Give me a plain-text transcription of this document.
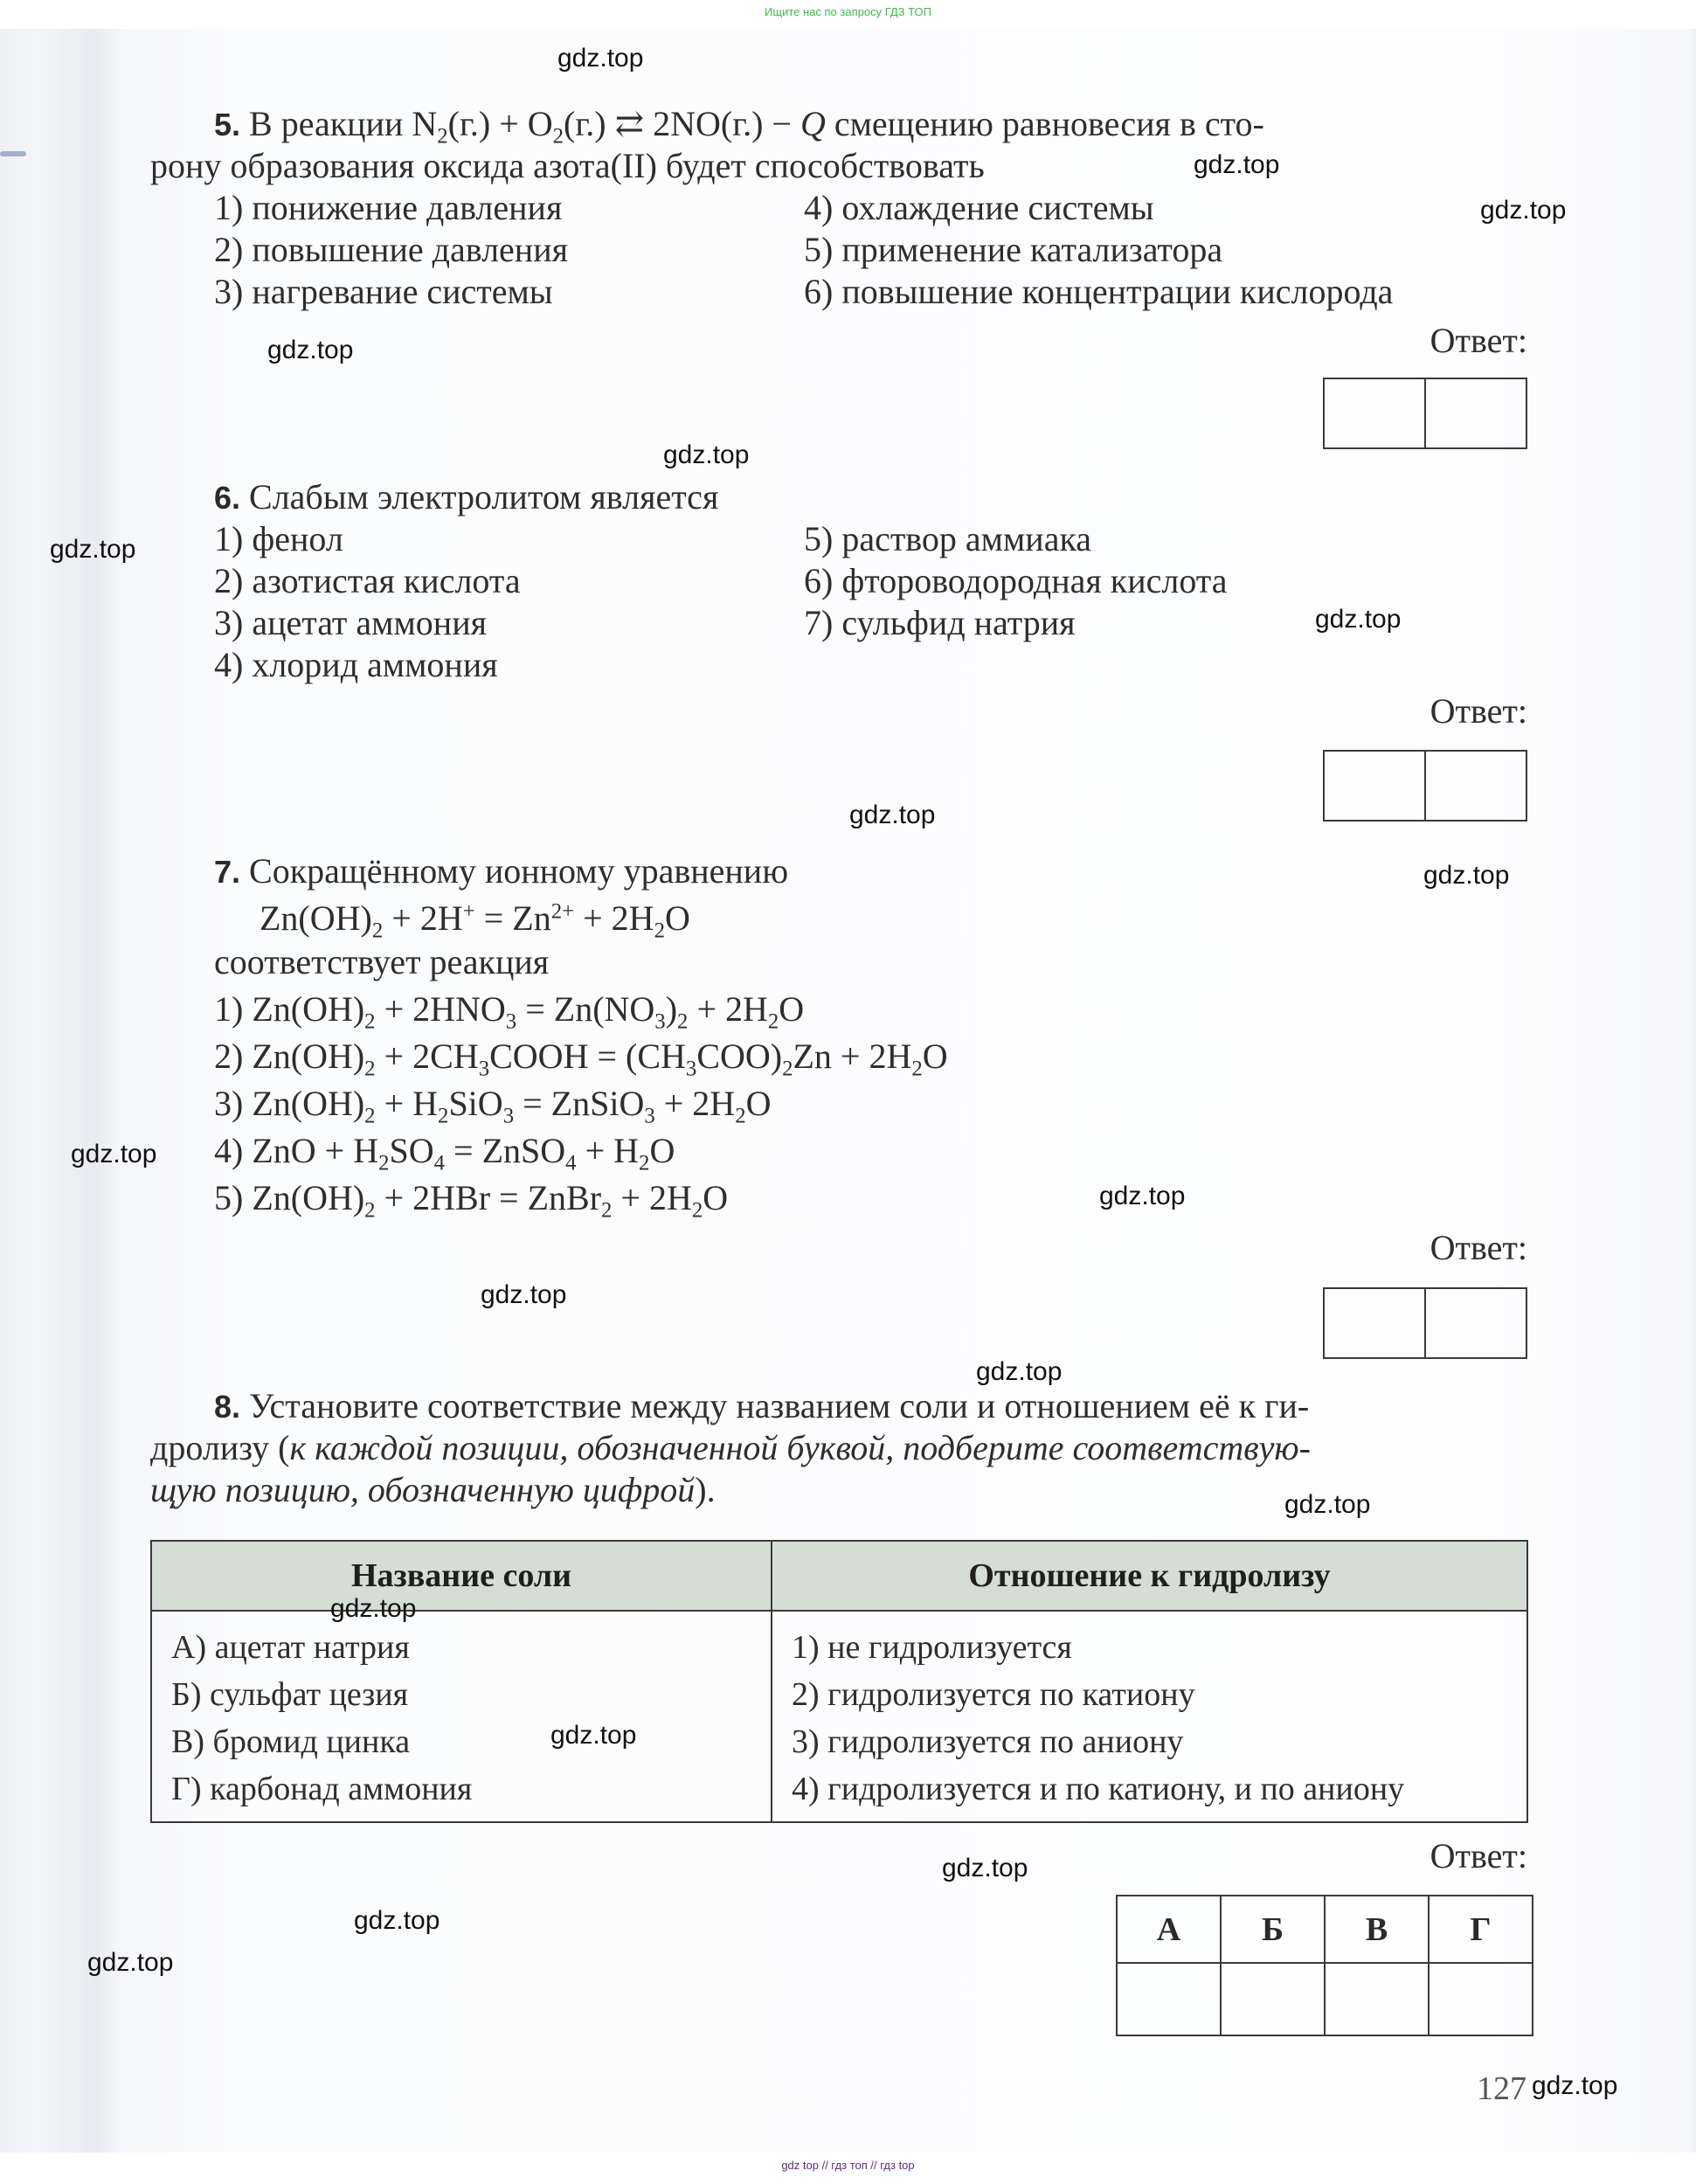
Ищите нас по запросу ГДЗ ТОП
5. В реакции $N_2(г.) + O_2(г.)$ ⇄ 2NO(г.) − Q смещению равновесия в сто-
рону образования оксида азота(II) будет способствовать
1) понижение давления
2) повышение давления
3) нагревание системы
4) охлаждение системы
5) применение катализатора
6) повышение концентрации кислорода
Ответ:
6. Слабым электролитом является
1) фенол
2) азотистая кислота
3) ацетат аммония
4) хлорид аммония
5) раствор аммиака
6) фтороводородная кислота
7) сульфид натрия
Ответ:
7. Сокращённому ионному уравнению
$Zn(OH)_2 + 2H^+ = Zn^{2+} + 2H_2O$
соответствует реакция
1) $Zn(OH)_2 + 2HNO_3 = Zn(NO_3)_2 + 2H_2O$
2) $Zn(OH)_2$ + $2CH_3COOH = (CH_3COO)_2Zn + 2H_2O$
3) $Zn(OH)_2 + H_2SiO_3$ = ZnSiO$_3$ + $2H_2O$
4) ZnO + $H_2SO_4$ = ZnSO$_4$ + $H_2O$
5) $Zn(OH)_2 + 2HBr$ = ZnBr$_2$ + $2H_2O$
Ответ:
8. Установите соответствие между названием соли и отношением её к ги-
дролизу (к каждой позиции, обозначенной буквой, подберите соответствую-
щую позицию, обозначенную цифрой).
Название соли	Отношение к гидролизу

А) ацетат натрия
Б) сульфат цезия
В) бромид цинка
Г) карбонад аммония

1) не гидролизуется
2) гидролизуется по катиону
3) гидролизуется по аниону
4) гидролизуется и по катиону, и по аниону
Ответ:
А	Б	В	Г

127
gdz.top
gdz.top
gdz.top
gdz.top
gdz.top
gdz.top
gdz.top
gdz.top
gdz.top
gdz.top
gdz.top
gdz.top
gdz.top
gdz.top
gdz.top
gdz.top
gdz.top
gdz.top
gdz.top
gdz.top
gdz top // гдз топ // гдз top
